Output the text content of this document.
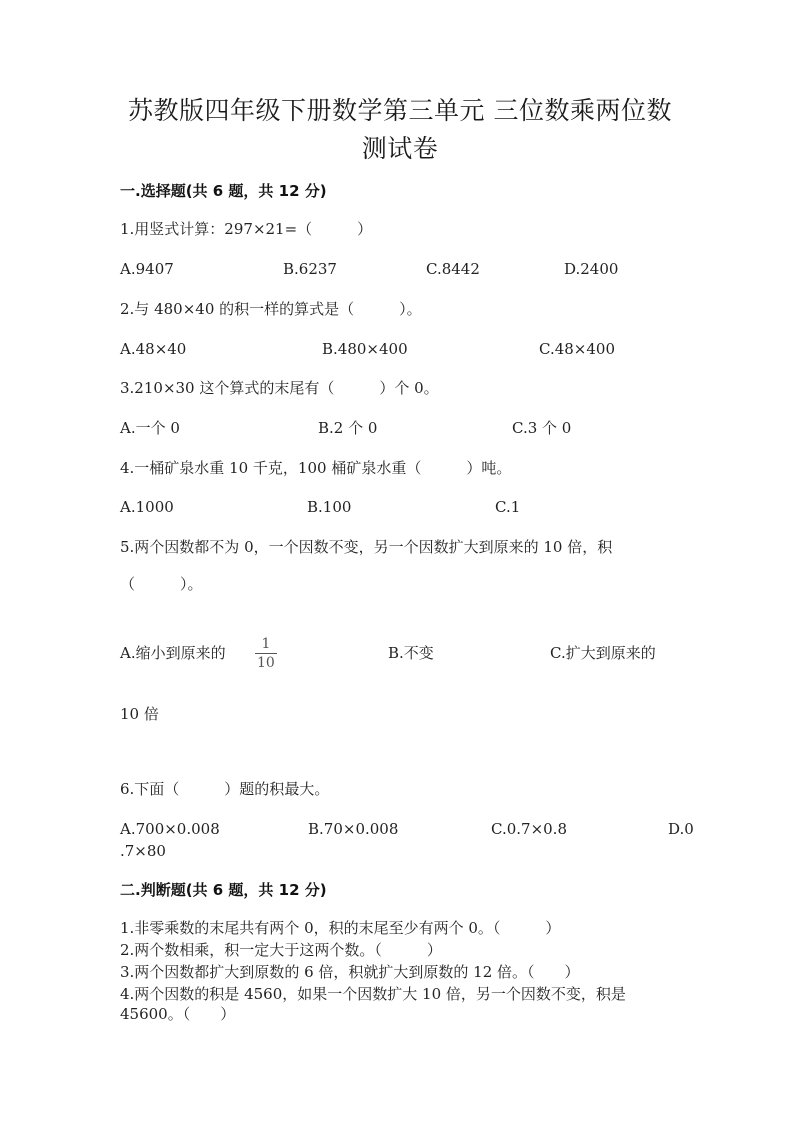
苏教版四年级下册数学第三单元 三位数乘两位数
测试卷
一.选择题(共 6 题，共 12 分)
1.用竖式计算：297×21=（　　　）
A.9407	B.6237	C.8442	D.2400
2.与 480×40 的积一样的算式是（　　　）。
A.48×40	B.480×400	C.48×400
3.210×30 这个算式的末尾有（　　　）个 0。
A.一个 0	B.2 个 0	C.3 个 0
4.一桶矿泉水重 10 千克，100 桶矿泉水重（　　　）吨。
A.1000	B.100	C.1
5.两个因数都不为 0，一个因数不变，另一个因数扩大到原来的 10 倍，积
（　　　）。
A.缩小到原来的	1
10
B.不变	C.扩大到原来的
10 倍
6.下面（　　　）题的积最大。
A.700×0.008	B.70×0.008	C.0.7×0.8	D.0
.7×80
二.判断题(共 6 题，共 12 分)
1.非零乘数的末尾共有两个 0，积的末尾至少有两个 0。（　　　）
2.两个数相乘，积一定大于这两个数。（　　　）
3.两个因数都扩大到原数的 6 倍，积就扩大到原数的 12 倍。（　　）
4.两个因数的积是 4560，如果一个因数扩大 10 倍，另一个因数不变，积是
45600。（　　）
